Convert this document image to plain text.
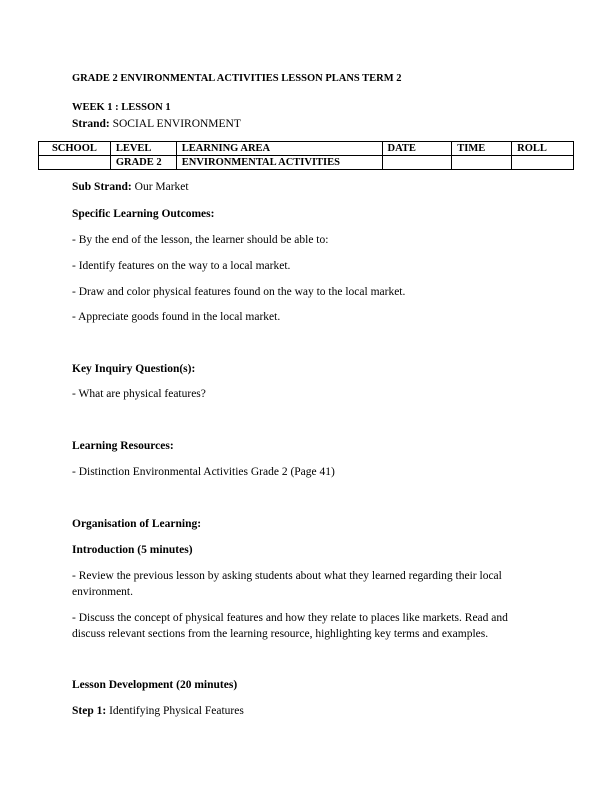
GRADE 2 ENVIRONMENTAL ACTIVITIES LESSON PLANS TERM 2
WEEK 1 : LESSON 1
Strand: SOCIAL ENVIRONMENT
SCHOOL	LEVEL	LEARNING AREA	DATE	TIME	ROLL
	GRADE 2	ENVIRONMENTAL ACTIVITIES			
Sub Strand: Our Market
Specific Learning Outcomes:
- By the end of the lesson, the learner should be able to:
- Identify features on the way to a local market.
- Draw and color physical features found on the way to the local market.
- Appreciate goods found in the local market.
Key Inquiry Question(s):
- What are physical features?
Learning Resources:
- Distinction Environmental Activities Grade 2 (Page 41)
Organisation of Learning:
Introduction (5 minutes)
- Review the previous lesson by asking students about what they learned regarding their local environment.
- Discuss the concept of physical features and how they relate to places like markets. Read and discuss relevant sections from the learning resource, highlighting key terms and examples.
Lesson Development (20 minutes)
Step 1: Identifying Physical Features
